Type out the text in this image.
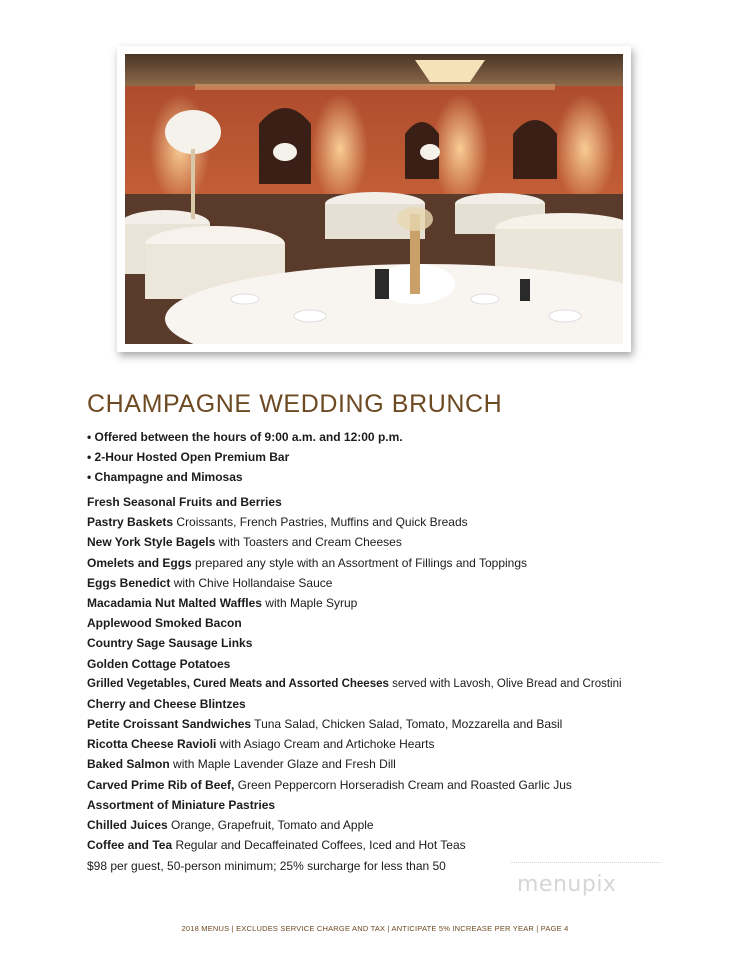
CHAMPAGNE WEDDING BRUNCH
• Offered between the hours of 9:00 a.m. and 12:00 p.m.
• 2-Hour Hosted Open Premium Bar
• Champagne and Mimosas
Fresh Seasonal Fruits and Berries
Pastry Baskets Croissants, French Pastries, Muffins and Quick Breads
New York Style Bagels with Toasters and Cream Cheeses
Omelets and Eggs prepared any style with an Assortment of Fillings and Toppings
Eggs Benedict with Chive Hollandaise Sauce
Macadamia Nut Malted Waffles with Maple Syrup
Applewood Smoked Bacon
Country Sage Sausage Links
Golden Cottage Potatoes
Grilled Vegetables, Cured Meats and Assorted Cheeses served with Lavosh, Olive Bread and Crostini
Cherry and Cheese Blintzes
Petite Croissant Sandwiches Tuna Salad, Chicken Salad, Tomato, Mozzarella and Basil
Ricotta Cheese Ravioli with Asiago Cream and Artichoke Hearts
Baked Salmon with Maple Lavender Glaze and Fresh Dill
Carved Prime Rib of Beef, Green Peppercorn Horseradish Cream and Roasted Garlic Jus
Assortment of Miniature Pastries
Chilled Juices Orange, Grapefruit, Tomato and Apple
Coffee and Tea Regular and Decaffeinated Coffees, Iced and Hot Teas
$98 per guest, 50-person minimum; 25% surcharge for less than 50
menupix
2018 MENUS | EXCLUDES SERVICE CHARGE AND TAX | ANTICIPATE 5% INCREASE PER YEAR | PAGE 4
